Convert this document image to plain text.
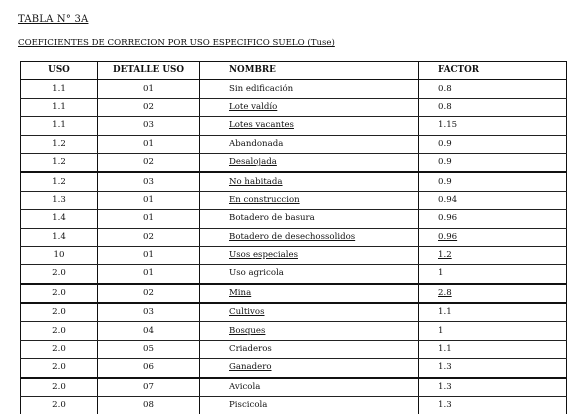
TABLA N° 3A
COEFICIENTES DE CORRECION POR USO ESPECIFICO SUELO (Tuse)
USO	DETALLE USO	NOMBRE	FACTOR
1.1	01	Sin edificación	0.8
1.1	02	Lote valdío	0.8
1.1	03	Lotes vacantes	1.15
1.2	01	Abandonada	0.9
1.2	02	Desalojada	0.9
1.2	03	No habitada	0.9
1.3	01	En construccion	0.94
1.4	01	Botadero de basura	0.96
1.4	02	Botadero de desechossolidos	0.96
10	01	Usos especiales	1.2
2.0	01	Uso agricola	1
2.0	02	Mina	2.8
2.0	03	Cultivos	1.1
2.0	04	Bosques	1
2.0	05	Criaderos	1.1
2.0	06	Ganadero	1.3
2.0	07	Avicola	1.3
2.0	08	Piscicola	1.3
